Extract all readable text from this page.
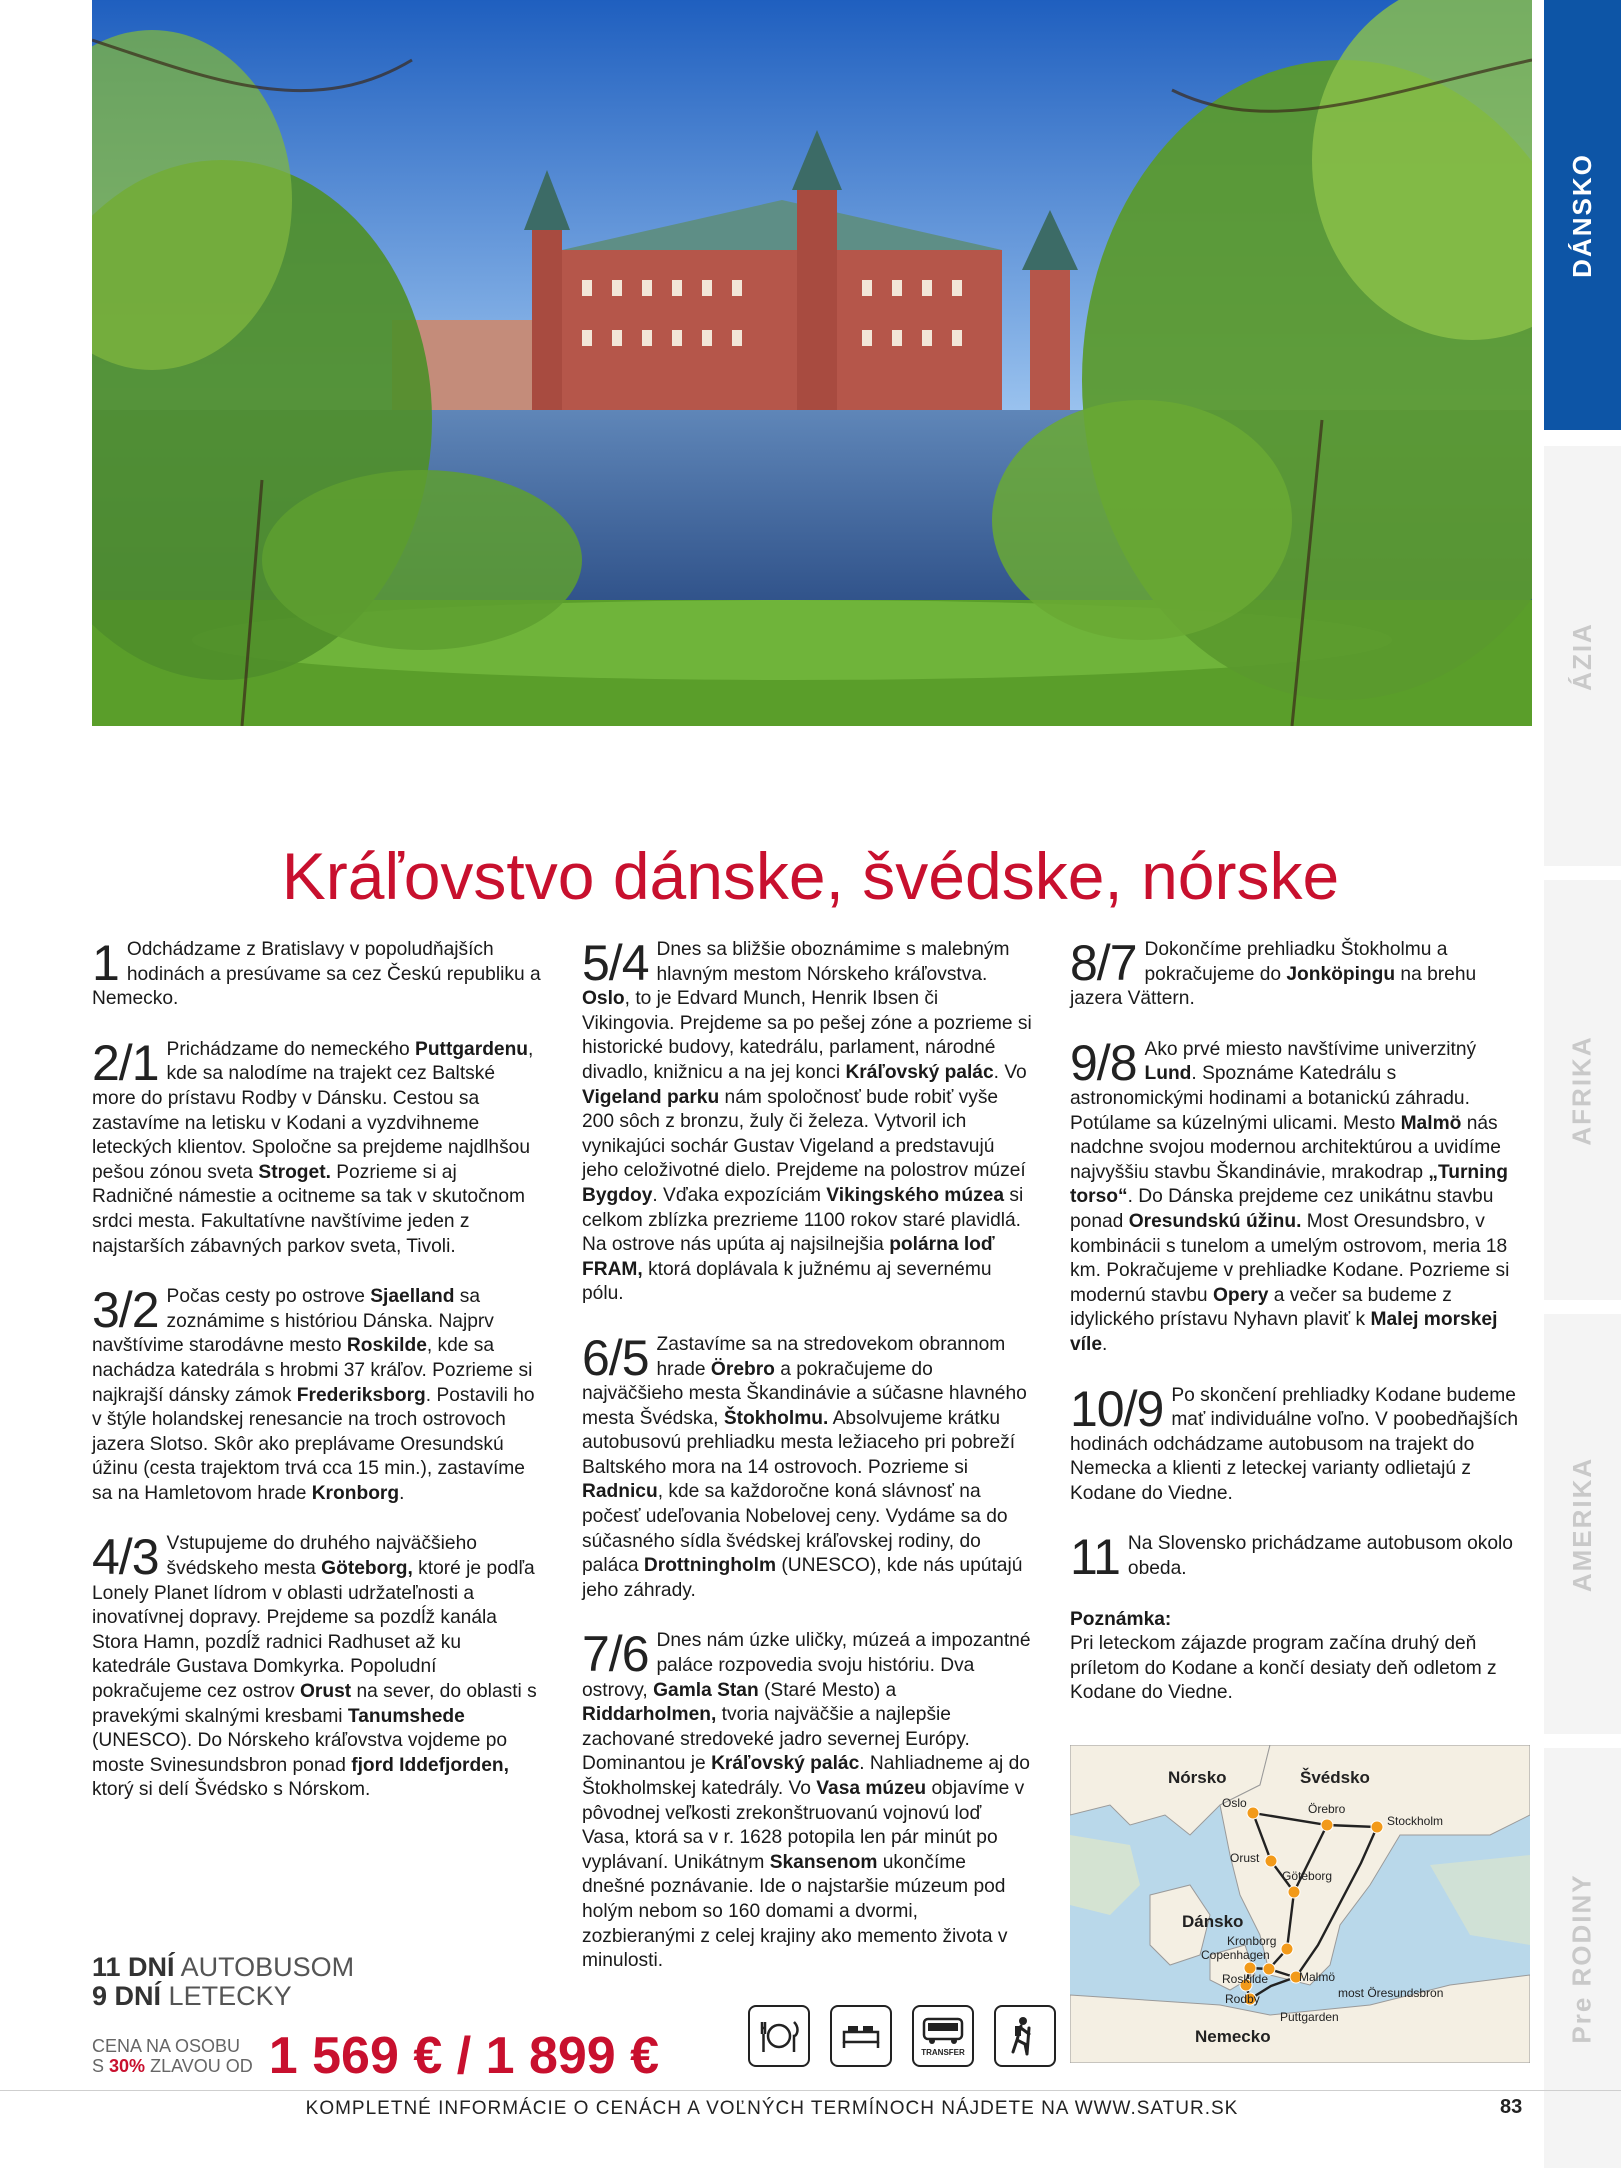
DÁNSKO
ÁZIA
AFRIKA
AMERIKA
Pre RODINY
Kráľovstvo dánske, švédske, nórske
1 Odchádzame z Bratislavy v popoludňajších hodinách a presúvame sa cez Českú republiku a Nemecko.

2/1 Prichádzame do nemeckého Puttgardenu, kde sa nalodíme na trajekt cez Baltské more do prístavu Rodby v Dánsku. Cestou sa zastavíme na letisku v Kodani a vyzdvihneme leteckých klientov. Spoločne sa prejdeme najdlhšou pešou zónou sveta Stroget. Pozrieme si aj Radničné námestie a ocitneme sa tak v skutočnom srdci mesta. Fakultatívne navštívime jeden z najstarších zábavných parkov sveta, Tivoli.

3/2 Počas cesty po ostrove Sjaelland sa zoznámime s históriou Dánska. Najprv navštívime starodávne mesto Roskilde, kde sa nachádza katedrála s hrobmi 37 kráľov. Pozrieme si najkrajší dánsky zámok Frederiksborg. Postavili ho v štýle holandskej renesancie na troch ostrovoch jazera Slotso. Skôr ako preplávame Oresundskú úžinu (cesta trajektom trvá cca 15 min.), zastavíme sa na Hamletovom hrade Kronborg.

4/3 Vstupujeme do druhého najväčšieho švédskeho mesta Göteborg, ktoré je podľa Lonely Planet lídrom v oblasti udržateľnosti a inovatívnej dopravy. Prejdeme sa pozdĺž kanála Stora Hamn, pozdĺž radnici Radhuset až ku katedrále Gustava Domkyrka. Popoludní pokračujeme cez ostrov Orust na sever, do oblasti s pravekými skalnými kresbami Tanumshede (UNESCO). Do Nórskeho kráľovstva vojdeme po moste Svinesundsbron ponad fjord Iddefjorden, ktorý si delí Švédsko s Nórskom.

5/4 Dnes sa bližšie oboznámime s malebným hlavným mestom Nórskeho kráľovstva. Oslo, to je Edvard Munch, Henrik Ibsen či Vikingovia. Prejdeme sa po pešej zóne a pozrieme si historické budovy, katedrálu, parlament, národné divadlo, knižnicu a na jej konci Kráľovský palác. Vo Vigeland parku nám spoločnosť bude robiť vyše 200 sôch z bronzu, žuly či železa. Vytvoril ich vynikajúci sochár Gustav Vigeland a predstavujú jeho celoživotné dielo. Prejdeme na polostrov múzeí Bygdoy. Vďaka expozíciám Vikingského múzea si celkom zblízka prezrieme 1100 rokov staré plavidlá. Na ostrove nás upúta aj najsilnejšia polárna loď FRAM, ktorá doplávala k južnému aj severnému pólu.

6/5 Zastavíme sa na stredovekom obrannom hrade Örebro a pokračujeme do najväčšieho mesta Škandinávie a súčasne hlavného mesta Švédska, Štokholmu. Absolvujeme krátku autobusovú prehliadku mesta ležiaceho pri pobreží Baltského mora na 14 ostrovoch. Pozrieme si Radnicu, kde sa každoročne koná slávnosť na počesť udeľovania Nobelovej ceny. Vydáme sa do súčasného sídla švédskej kráľovskej rodiny, do paláca Drottningholm (UNESCO), kde nás upútajú jeho záhrady.

7/6 Dnes nám úzke uličky, múzeá a impozantné paláce rozpovedia svoju históriu. Dva ostrovy, Gamla Stan (Staré Mesto) a Riddarholmen, tvoria najväčšie a najlepšie zachované stredoveké jadro severnej Európy. Dominantou je Kráľovský palác. Nahliadneme aj do Štokholmskej katedrály. Vo Vasa múzeu objavíme v pôvodnej veľkosti zrekonštruovanú vojnovú loď Vasa, ktorá sa v r. 1628 potopila len pár minút po vyplávaní. Unikátnym Skansenom ukončíme dnešné poznávanie. Ide o najstaršie múzeum pod holým nebom so 160 domami a dvormi, zozbieranými z celej krajiny ako memento života v minulosti.

8/7 Dokončíme prehliadku Štokholmu a pokračujeme do Jonköpingu na brehu jazera Vättern.

9/8 Ako prvé miesto navštívime univerzitný Lund. Spoznáme Katedrálu s astronomickými hodinami a botanickú záhradu. Potúlame sa kúzelnými ulicami. Mesto Malmö nás nadchne svojou modernou architektúrou a uvidíme najvyššiu stavbu Škandinávie, mrakodrap „Turning torso“. Do Dánska prejdeme cez unikátnu stavbu ponad Oresundskú úžinu. Most Oresundsbro, v kombinácii s tunelom a umelým ostrovom, meria 18 km. Pokračujeme v prehliadke Kodane. Pozrieme si modernú stavbu Opery a večer sa budeme z idylického prístavu Nyhavn plaviť k Malej morskej víle.

10/9 Po skončení prehliadky Kodane budeme mať individuálne voľno. V poobedňajších hodinách odchádzame autobusom na trajekt do Nemecka a klienti z leteckej varianty odlietajú z Kodane do Viedne.

11 Na Slovensko prichádzame autobusom okolo obeda.

Poznámka:

Pri leteckom zájazde program začína druhý deň príletom do Kodane a končí desiaty deň odletom z Kodane do Viedne.

Nórsko	Švédsko
Dánsko
Nemecko
Oslo	Örebro
Stockholm
Orust
Göteborg
Kronborg
Copenhagen
Roskilde
Rodby
Malmö
most Öresundsbron
Puttgarden
11 DNÍ AUTOBUSOM
9 DNÍ LETECKY
CENA NA OSOBU
S 30% ZLAVOU OD 1 569 € / 1 899 €	TRANSFER
KOMPLETNÉ INFORMÁCIE O CENÁCH A VOĽNÝCH TERMÍNOCH NÁJDETE NA WWW.SATUR.SK	83
